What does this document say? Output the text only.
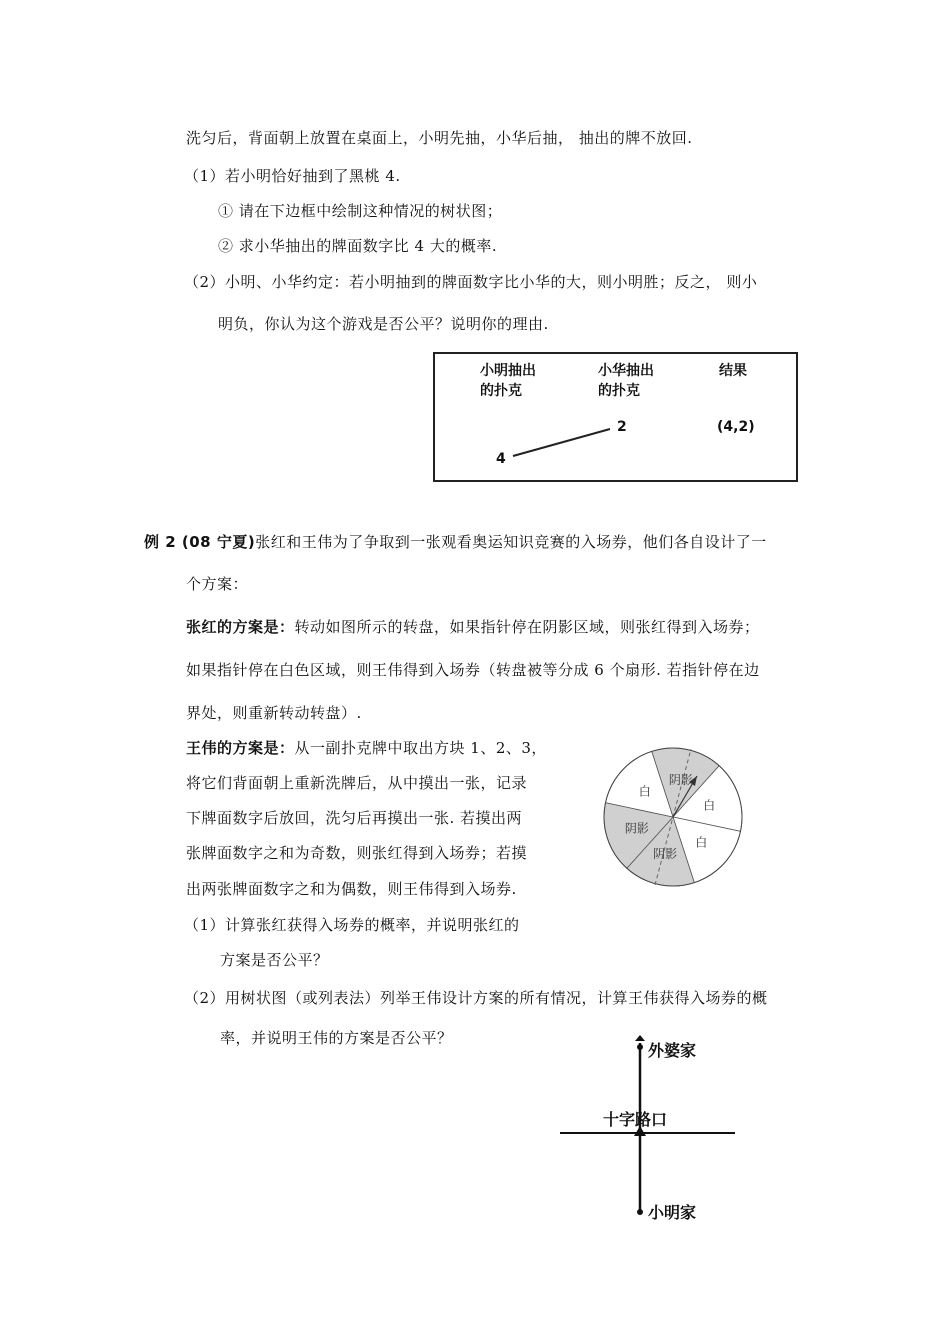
洗匀后，背面朝上放置在桌面上，小明先抽，小华后抽， 抽出的牌不放回.
（1）若小明恰好抽到了黑桃 4.
① 请在下边框中绘制这种情况的树状图；
② 求小华抽出的牌面数字比 4 大的概率.
（2）小明、小华约定：若小明抽到的牌面数字比小华的大，则小明胜；反之， 则小
明负，你认为这个游戏是否公平？说明你的理由.
小明抽出
的扑克
小华抽出
的扑克
结果
2
4
(4,2)
例 2 (08 宁夏)张红和王伟为了争取到一张观看奥运知识竞赛的入场券，他们各自设计了一
个方案：
张红的方案是：转动如图所示的转盘，如果指针停在阴影区域，则张红得到入场券；
如果指针停在白色区域，则王伟得到入场券（转盘被等分成 6 个扇形. 若指针停在边
界处，则重新转动转盘）.
王伟的方案是：从一副扑克牌中取出方块 1、2、3，
将它们背面朝上重新洗牌后，从中摸出一张，记录
下牌面数字后放回，洗匀后再摸出一张. 若摸出两
张牌面数字之和为奇数，则张红得到入场券；若摸
出两张牌面数字之和为偶数，则王伟得到入场券.
（1）计算张红获得入场券的概率，并说明张红的
方案是否公平？
（2）用树状图（或列表法）列举王伟设计方案的所有情况，计算王伟获得入场券的概
率，并说明王伟的方案是否公平？
阴影
白
白
阴影
阴影
白
外婆家
十字路口
小明家
